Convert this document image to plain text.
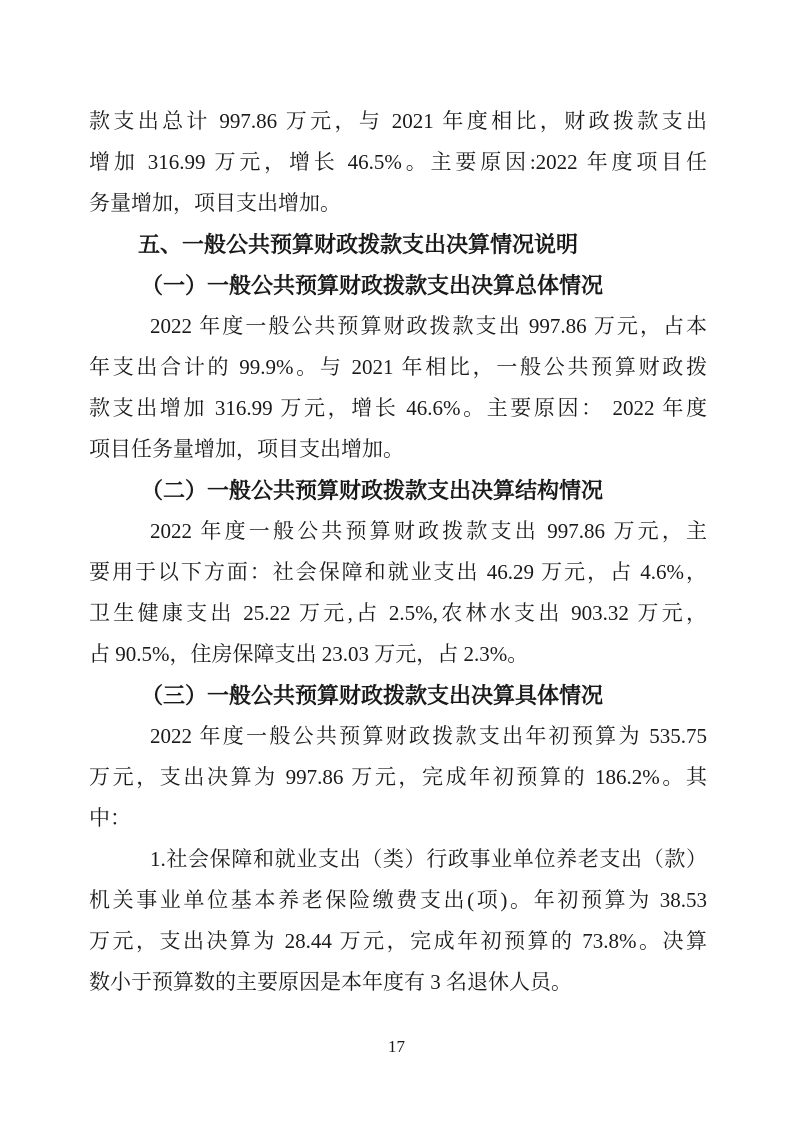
款支出总计 997.86 万元，与 2021 年度相比，财政拨款支出
增加 316.99 万元，增长 46.5%。主要原因:2022 年度项目任
务量增加，项目支出增加。
五、一般公共预算财政拨款支出决算情况说明
（一）一般公共预算财政拨款支出决算总体情况
2022 年度一般公共预算财政拨款支出 997.86 万元，占本
年支出合计的 99.9%。与 2021 年相比，一般公共预算财政拨
款支出增加 316.99 万元，增长 46.6%。主要原因： 2022 年度
项目任务量增加，项目支出增加。
（二）一般公共预算财政拨款支出决算结构情况
2022 年度一般公共预算财政拨款支出 997.86 万元，主
要用于以下方面：社会保障和就业支出 46.29 万元，占 4.6%，
卫生健康支出 25.22 万元,占 2.5%,农林水支出 903.32 万元，
占 90.5%，住房保障支出 23.03 万元，占 2.3%。
（三）一般公共预算财政拨款支出决算具体情况
2022 年度一般公共预算财政拨款支出年初预算为 535.75
万元，支出决算为 997.86 万元，完成年初预算的 186.2%。其
中：
1.社会保障和就业支出（类）行政事业单位养老支出（款）
机关事业单位基本养老保险缴费支出(项)。年初预算为 38.53
万元，支出决算为 28.44 万元，完成年初预算的 73.8%。决算
数小于预算数的主要原因是本年度有 3 名退休人员。
17
